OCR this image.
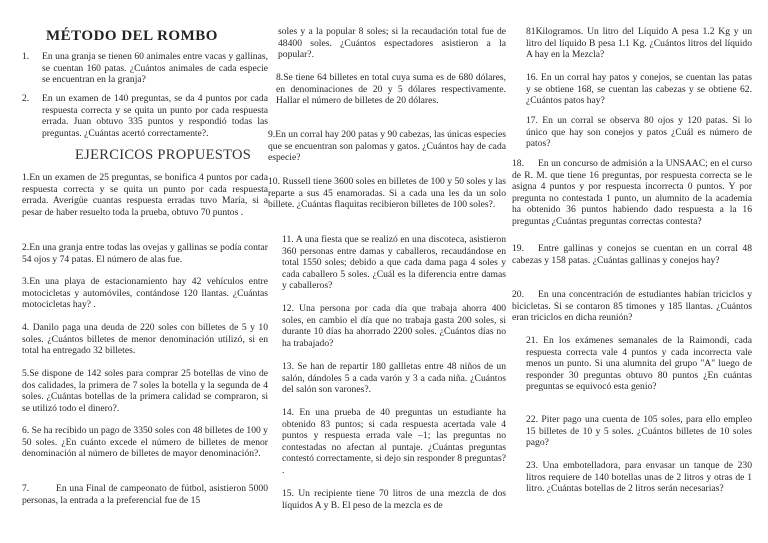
MÉTODO DEL ROMBO
1.	En una granja se tienen 60 animales entre vacas y gallinas, se cuentan 160 patas. ¿Cuántos animales de cada especie se encuentran en la granja?
2.	En un examen de 140 preguntas, se da 4 puntos por cada respuesta correcta y se quita un punto por cada respuesta errada. Juan obtuvo 335 puntos y respondió todas las preguntas. ¿Cuántas acertó correctamente?.
EJERCICOS PROPUESTOS
1.En un examen de 25 preguntas, se bonifica 4 puntos por cada respuesta correcta y se quita un punto por cada respuesta errada. Averigüe cuantas respuesta erradas tuvo María, si a pesar de haber resuelto toda la prueba, obtuvo 70 puntos .
2.En una granja entre todas las ovejas y gallinas se podía contar 54 ojos y 74 patas. El número de alas fue.
3.En una playa de estacionamiento hay 42 vehículos entre motocicletas y automóviles, contándose 120 llantas. ¿Cuántas motocicletas hay? .
4. Danilo paga una deuda de 220 soles con billetes de 5 y 10 soles. ¿Cuántos billetes de menor denominación utilizó, si en total ha entregado 32 billetes.
5.Se dispone de 142 soles para comprar 25 botellas de vino de dos calidades, la primera de 7 soles la botella y la segunda de 4 soles. ¿Cuántas botellas de la primera calidad se compraron, si se utilizó todo el dinero?.
6. Se ha recibido un pago de 3350 soles con 48 billetes de 100 y 50 soles. ¿En cuánto excede el número de billetes de menor denominación al número de billetes de mayor denominación?.
7.	En una Final de campeonato de fútbol, asistieron 5000 personas, la entrada a la preferencial fue de 15
soles y a la popular 8 soles; si la recaudación total fue de 48400 soles. ¿Cuántos espectadores asistieron a la popular?.
8.Se tiene 64 billetes en total cuya suma es de 680 dólares, en denominaciones de 20 y 5 dólares respectivamente. Hallar el número de billetes de 20 dólares.
9.En un corral hay 200 patas y 90 cabezas, las únicas especies que se encuentran son palomas y gatos. ¿Cuántos hay de cada especie?
10. Russell tiene 3600 soles en billetes de 100 y 50 soles y las reparte a sus 45 enamoradas. Si a cada una les da un solo billete. ¿Cuántas flaquitas recibieron billetes de 100 soles?.
11. A una fiesta que se realizó en una discoteca, asistieron 360 personas entre damas y caballeros, recaudándose en total 1550 soles; debido a que cada dama paga 4 soles y cada caballero 5 soles. ¿Cuál es la diferencia entre damas y caballeros?
12. Una persona por cada día que trabaja ahorra 400 soles, en cambio el día que no trabaja gasta 200 soles, si durante 10 días ha ahorrado 2200 soles. ¿Cuántos días no ha trabajado?
13. Se han de repartir 180 gallletas entre 48 niños de un salón, dándoles 5 a cada varón y 3 a cada niña. ¿Cuántos del salón son varones?.
14. En una prueba de 40 preguntas un estudiante ha obtenido 83 puntos; si cada respuesta acertada vale 4 puntos y respuesta errada vale –1; las preguntas no contestadas no afectan al puntaje. ¿Cuántas preguntas contestó correctamente, si dejo sin responder 8 preguntas? .
15. Un recipiente tiene 70 litros de una mezcla de dos líquidos A y B. El peso de la mezcla es de
81Kilogramos. Un litro del Líquido A pesa 1.2 Kg y un litro del líquido B pesa 1.1 Kg. ¿Cuántos litros del líquido A hay en la Mezcla?
16. En un corral hay patos y conejos, se cuentan las patas y se obtiene 168, se cuentan las cabezas y se obtiene 62. ¿Cuántos patos hay?
17. En un corral se observa 80 ojos y 120 patas. Si lo único que hay son conejos y patos ¿Cuál es número de patos?
18. En un concurso de admisión a la UNSAAC; en el curso de R. M. que tiene 16 preguntas, por respuesta correcta se le asigna 4 puntos y por respuesta incorrecta 0 puntos. Y por pregunta no contestada 1 punto, un alumnito de la academia ha obtenido 36 puntos habiendo dado respuesta a la 16 preguntas ¿Cuántas preguntas correctas contesta?
19. Entre gallinas y conejos se cuentan en un corral 48 cabezas y 158 patas. ¿Cuántas gallinas y conejos hay?
20. En una concentración de estudiantes habían triciclos y bicicletas. Si se contaron 85 timones y 185 llantas. ¿Cuántos eran triciclos en dicha reunión?
21. En los exámenes semanales de la Raimondi, cada respuesta correcta vale 4 puntos y cada incorrecta vale menos un punto. Si una alumnita del grupo "A" luego de responder 30 preguntas obtuvo 80 puntos ¿En cuántas preguntas se equivocó esta genio?
22. Piter pago una cuenta de 105 soles, para ello empleo 15 billetes de 10 y 5 soles. ¿Cuántos billetes de 10 soles pago?
23. Una embotelladora, para envasar un tanque de 230 litros requiere de 140 botellas unas de 2 litros y otras de 1 litro. ¿Cuántas botellas de 2 litros serán necesarias?
